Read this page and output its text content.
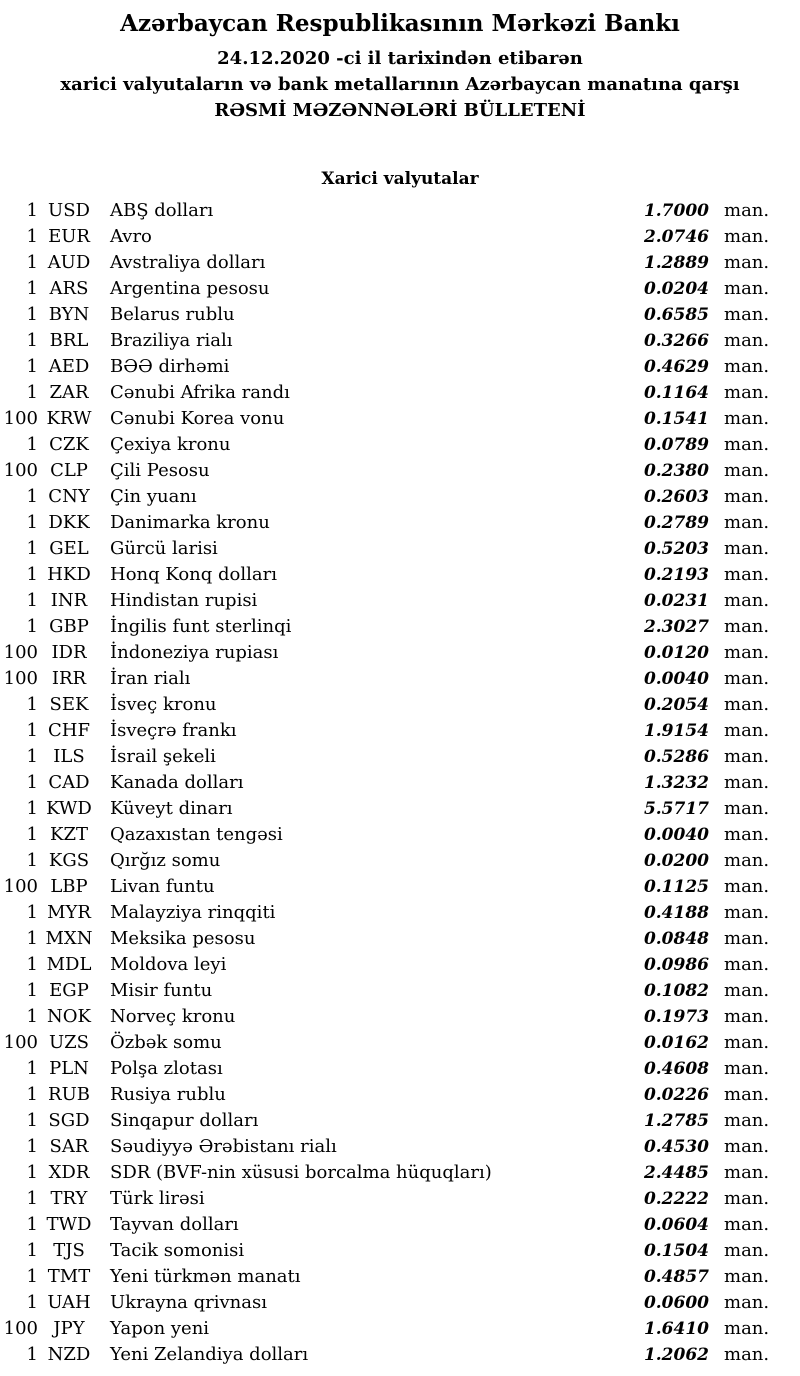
Azərbaycan Respublikasının Mərkəzi Bankı
24.12.2020 -ci il tarixindən etibarən
xarici valyutaların və bank metallarının Azərbaycan manatına qarşı
RƏSMİ MƏZƏNNƏLƏRİ BÜLLETENİ
Xarici valyutalar
1 USD	ABŞ dolları	1.7000 man.
1 EUR	Avro	2.0746 man.
1 AUD	Avstraliya dolları	1.2889 man.
1 ARS	Argentina pesosu	0.0204 man.
1 BYN	Belarus rublu	0.6585 man.
1 BRL	Braziliya rialı	0.3266 man.
1 AED	BƏƏ dirhəmi	0.4629 man.
1 ZAR	Cənubi Afrika randı	0.1164 man.
100 KRW	Cənubi Korea vonu	0.1541 man.
1 CZK	Çexiya kronu	0.0789 man.
100 CLP	Çili Pesosu	0.2380 man.
1 CNY	Çin yuanı	0.2603 man.
1 DKK	Danimarka kronu	0.2789 man.
1 GEL	Gürcü larisi	0.5203 man.
1 HKD	Honq Konq dolları	0.2193 man.
1 INR	Hindistan rupisi	0.0231 man.
1 GBP	İngilis funt sterlinqi	2.3027 man.
100 IDR	İndoneziya rupiası	0.0120 man.
100 IRR	İran rialı	0.0040 man.
1 SEK	İsveç kronu	0.2054 man.
1 CHF	İsveçrə frankı	1.9154 man.
1 ILS	İsrail şekeli	0.5286 man.
1 CAD	Kanada dolları	1.3232 man.
1 KWD	Küveyt dinarı	5.5717 man.
1 KZT	Qazaxıstan tengəsi	0.0040 man.
1 KGS	Qırğız somu	0.0200 man.
100 LBP	Livan funtu	0.1125 man.
1 MYR	Malayziya rinqqiti	0.4188 man.
1 MXN Meksika pesosu	0.0848 man.
1 MDL	Moldova leyi	0.0986 man.
1 EGP	Misir funtu	0.1082 man.
1 NOK	Norveç kronu	0.1973 man.
100 UZS	Özbək somu	0.0162 man.
1 PLN	Polşa zlotası	0.4608 man.
1 RUB	Rusiya rublu	0.0226 man.
1 SGD	Sinqapur dolları	1.2785 man.
1 SAR	Səudiyyə Ərəbistanı rialı	0.4530 man.
1 XDR	SDR (BVF-nin xüsusi borcalma hüquqları)	2.4485 man.
1 TRY	Türk lirəsi	0.2222 man.
1 TWD	Tayvan dolları	0.0604 man.
1 TJS	Tacik somonisi	0.1504 man.
1 TMT	Yeni türkmən manatı	0.4857 man.
1 UAH	Ukrayna qrivnası	0.0600 man.
100 JPY	Yapon yeni	1.6410 man.
1 NZD	Yeni Zelandiya dolları	1.2062 man.
